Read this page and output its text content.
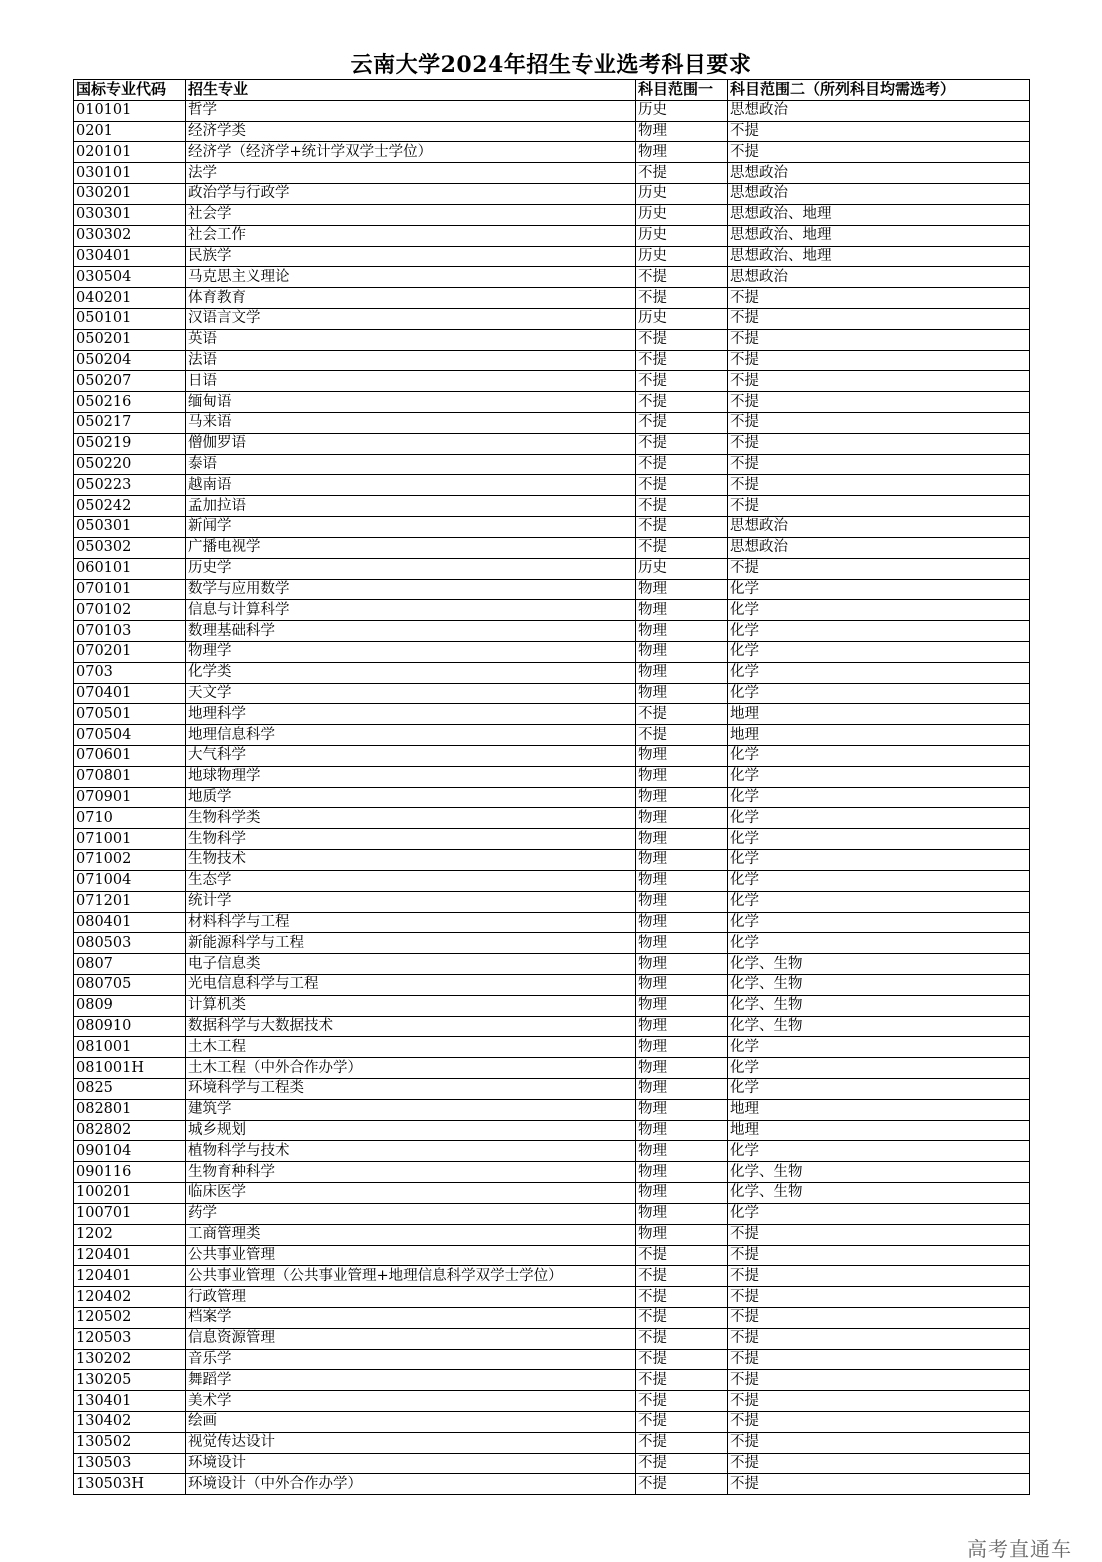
云南大学2024年招生专业选考科目要求
国标专业代码	招生专业	科目范围一	科目范围二（所列科目均需选考）
010101	哲学	历史	思想政治
0201	经济学类	物理	不提
020101	经济学（经济学+统计学双学士学位）	物理	不提
030101	法学	不提	思想政治
030201	政治学与行政学	历史	思想政治
030301	社会学	历史	思想政治、地理
030302	社会工作	历史	思想政治、地理
030401	民族学	历史	思想政治、地理
030504	马克思主义理论	不提	思想政治
040201	体育教育	不提	不提
050101	汉语言文学	历史	不提
050201	英语	不提	不提
050204	法语	不提	不提
050207	日语	不提	不提
050216	缅甸语	不提	不提
050217	马来语	不提	不提
050219	僧伽罗语	不提	不提
050220	泰语	不提	不提
050223	越南语	不提	不提
050242	孟加拉语	不提	不提
050301	新闻学	不提	思想政治
050302	广播电视学	不提	思想政治
060101	历史学	历史	不提
070101	数学与应用数学	物理	化学
070102	信息与计算科学	物理	化学
070103	数理基础科学	物理	化学
070201	物理学	物理	化学
0703	化学类	物理	化学
070401	天文学	物理	化学
070501	地理科学	不提	地理
070504	地理信息科学	不提	地理
070601	大气科学	物理	化学
070801	地球物理学	物理	化学
070901	地质学	物理	化学
0710	生物科学类	物理	化学
071001	生物科学	物理	化学
071002	生物技术	物理	化学
071004	生态学	物理	化学
071201	统计学	物理	化学
080401	材料科学与工程	物理	化学
080503	新能源科学与工程	物理	化学
0807	电子信息类	物理	化学、生物
080705	光电信息科学与工程	物理	化学、生物
0809	计算机类	物理	化学、生物
080910	数据科学与大数据技术	物理	化学、生物
081001	土木工程	物理	化学
081001H	土木工程（中外合作办学）	物理	化学
0825	环境科学与工程类	物理	化学
082801	建筑学	物理	地理
082802	城乡规划	物理	地理
090104	植物科学与技术	物理	化学
090116	生物育种科学	物理	化学、生物
100201	临床医学	物理	化学、生物
100701	药学	物理	化学
1202	工商管理类	物理	不提
120401	公共事业管理	不提	不提
120401	公共事业管理（公共事业管理+地理信息科学双学士学位）	不提	不提
120402	行政管理	不提	不提
120502	档案学	不提	不提
120503	信息资源管理	不提	不提
130202	音乐学	不提	不提
130205	舞蹈学	不提	不提
130401	美术学	不提	不提
130402	绘画	不提	不提
130502	视觉传达设计	不提	不提
130503	环境设计	不提	不提
130503H	环境设计（中外合作办学）	不提	不提
高考直通车
